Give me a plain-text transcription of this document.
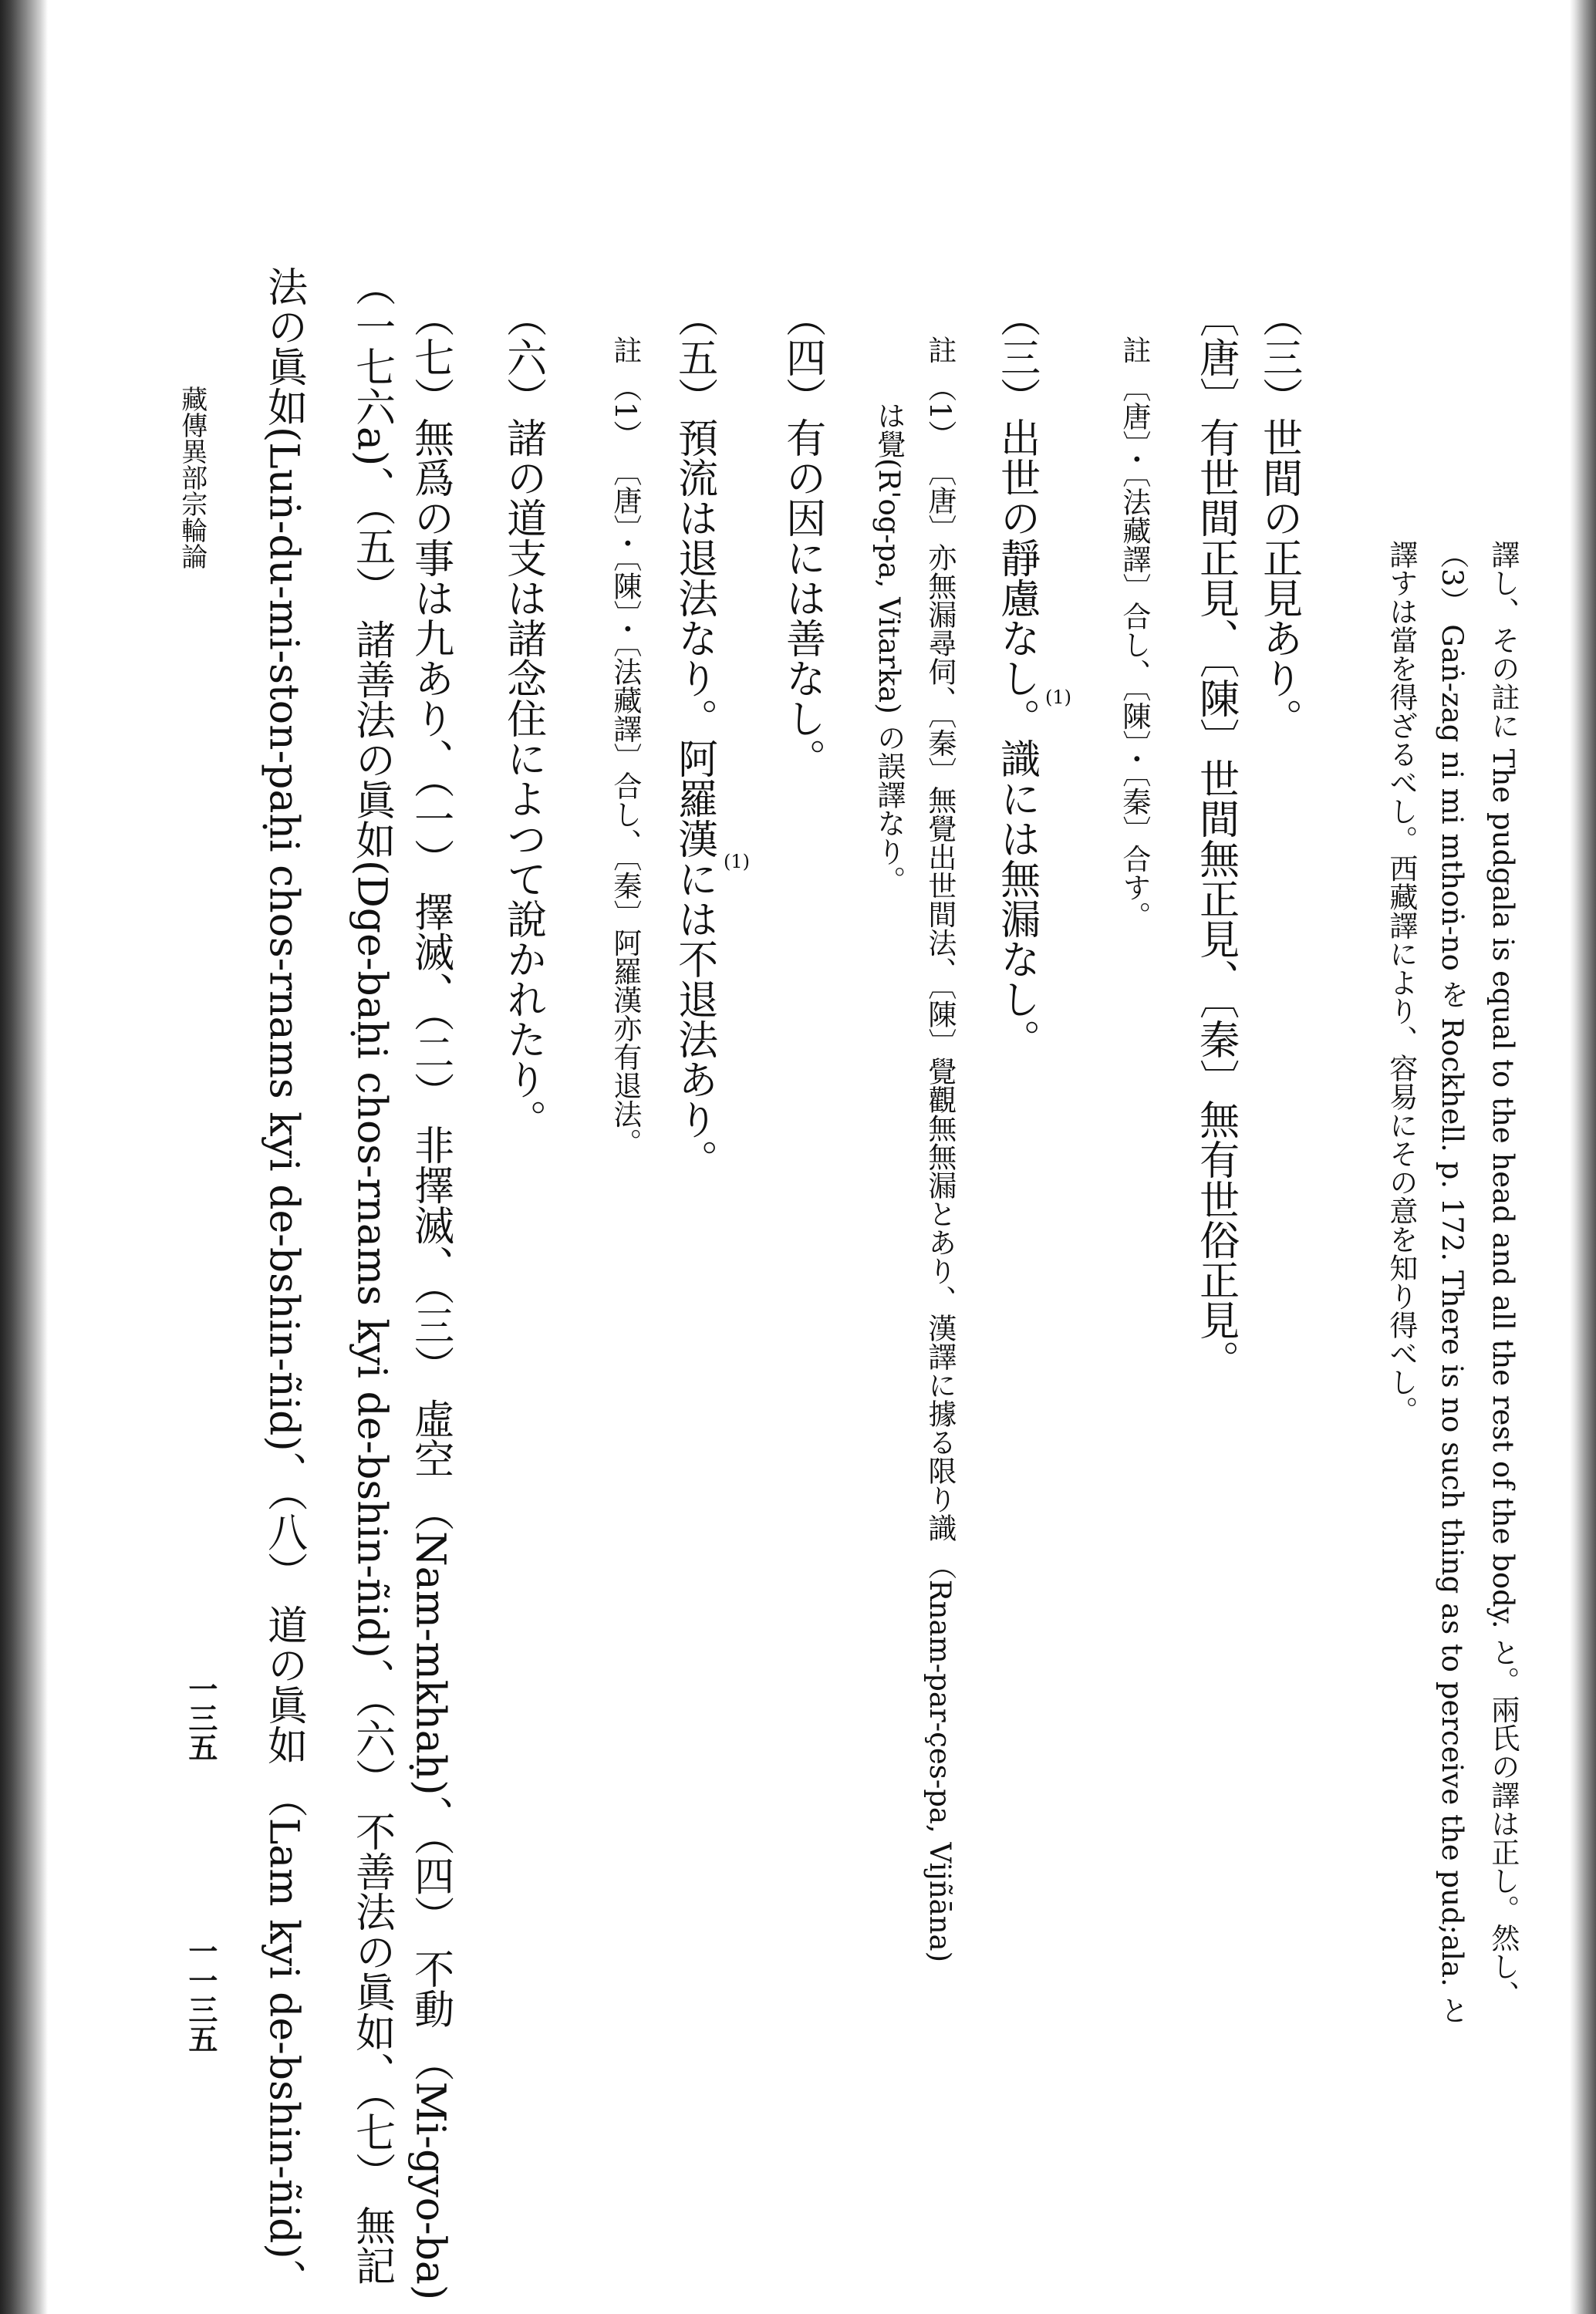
譯し、その註に The pudgala is equal to the head and all the rest of the body. と。兩氏の譯は正し。然し、
（3） Gaṅ-zag ni mi mthoṅ-no を Rockhell. p. 172. There is no such thing as to perceive the pud;ala. と
譯すは當を得ざるべし。西藏譯により、容易にその意を知り得べし。
（三）世間の正見あり。
〔唐〕有世間正見、〔陳〕世間無正見、〔秦〕無有世俗正見。
註 〔唐〕・〔法藏譯〕合し、〔陳〕・〔秦〕合す。
（三）出世の靜慮なし。識には無漏なし。 (1)
註 （1） 〔唐〕亦無漏尋伺、〔秦〕無覺出世間法、〔陳〕覺觀無無漏とあり、漢譯に據る限り識 （Rnam-par-çes-pa, Vijñāna)
は覺(R'og-pa, Vitarka) の誤譯なり。
（四）有の因には善なし。
（五）預流は退法なり。阿羅漢には不退法あり。 (1)
註 （1） 〔唐〕・〔陳〕・〔法藏譯〕合し、〔秦〕阿羅漢亦有退法。
（六）諸の道支は諸念住によつて說かれたり。
（七）無爲の事は九あり、（一） 擇滅、（二） 非擇滅、（三） 虛空 （Nam-mkhaḥ)、（四） 不動 （Mi-gyo-ba)
（一七六a)、（五） 諸善法の眞如(Dge-baḥi chos-rnams kyi de-bshin-ñid)、（六） 不善法の眞如、（七） 無記
法の眞如(Luṅ-du-mi-ston-paḥi chos-rnams kyi de-bshin-ñid)、（八） 道の眞如 （Lam kyi de-bshin-ñid)、
藏傳異部宗輪論
一三五
一一三五
